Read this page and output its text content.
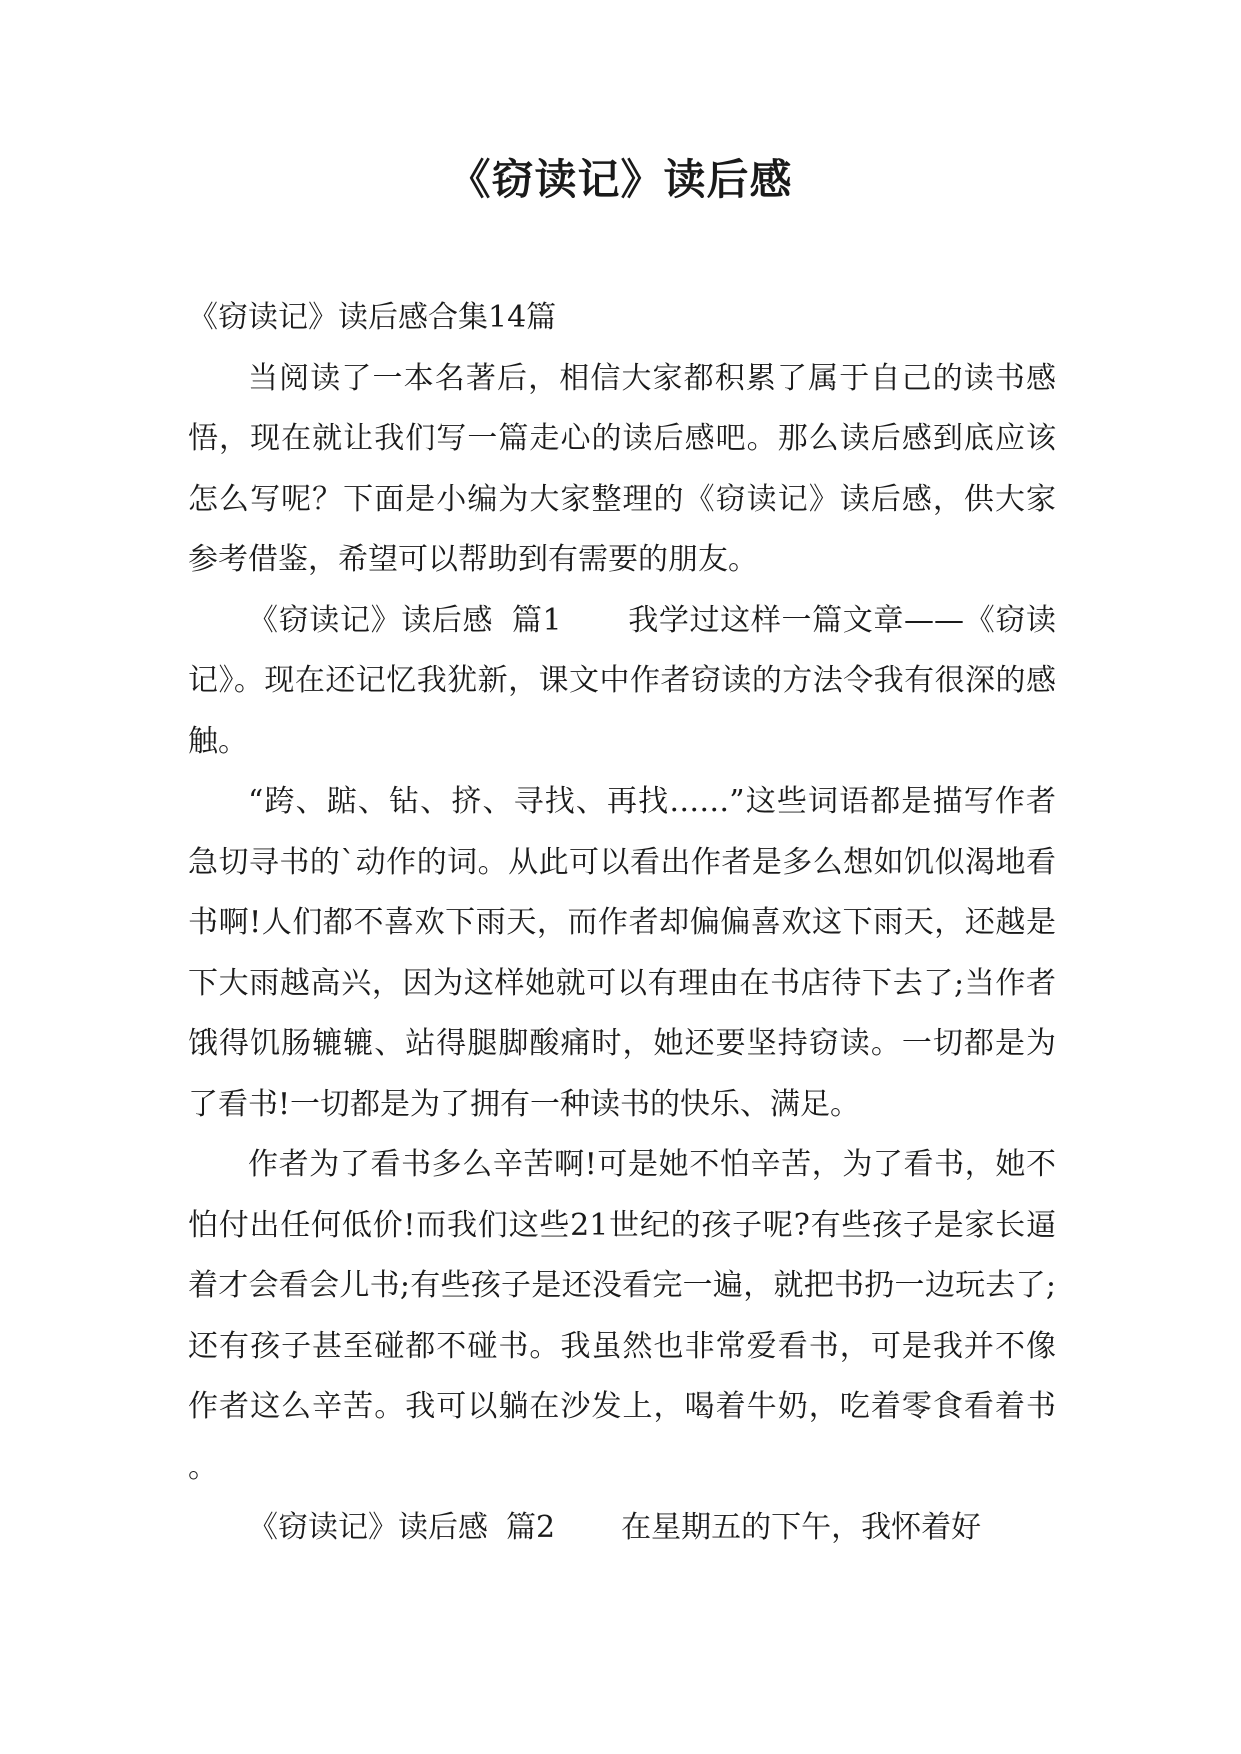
《窃读记》读后感

《窃读记》读后感合集14篇

当阅读了一本名著后，相信大家都积累了属于自己的读书感悟，现在就让我们写一篇走心的读后感吧。那么读后感到底应该怎么写呢？下面是小编为大家整理的《窃读记》读后感，供大家参考借鉴，希望可以帮助到有需要的朋友。

《窃读记》读后感 篇1 我学过这样一篇文章——《窃读记》。现在还记忆我犹新，课文中作者窃读的方法令我有很深的感触。

“跨、踮、钻、挤、寻找、再找……”这些词语都是描写作者急切寻书的`动作的词。从此可以看出作者是多么想如饥似渴地看书啊!人们都不喜欢下雨天，而作者却偏偏喜欢这下雨天，还越是下大雨越高兴，因为这样她就可以有理由在书店待下去了;当作者饿得饥肠辘辘、站得腿脚酸痛时，她还要坚持窃读。一切都是为了看书!一切都是为了拥有一种读书的快乐、满足。

作者为了看书多么辛苦啊!可是她不怕辛苦，为了看书，她不怕付出任何低价!而我们这些21世纪的孩子呢?有些孩子是家长逼着才会看会儿书;有些孩子是还没看完一遍，就把书扔一边玩去了;还有孩子甚至碰都不碰书。我虽然也非常爱看书，可是我并不像作者这么辛苦。我可以躺在沙发上，喝着牛奶，吃着零食看着书。

《窃读记》读后感 篇2 在星期五的下午，我怀着好
